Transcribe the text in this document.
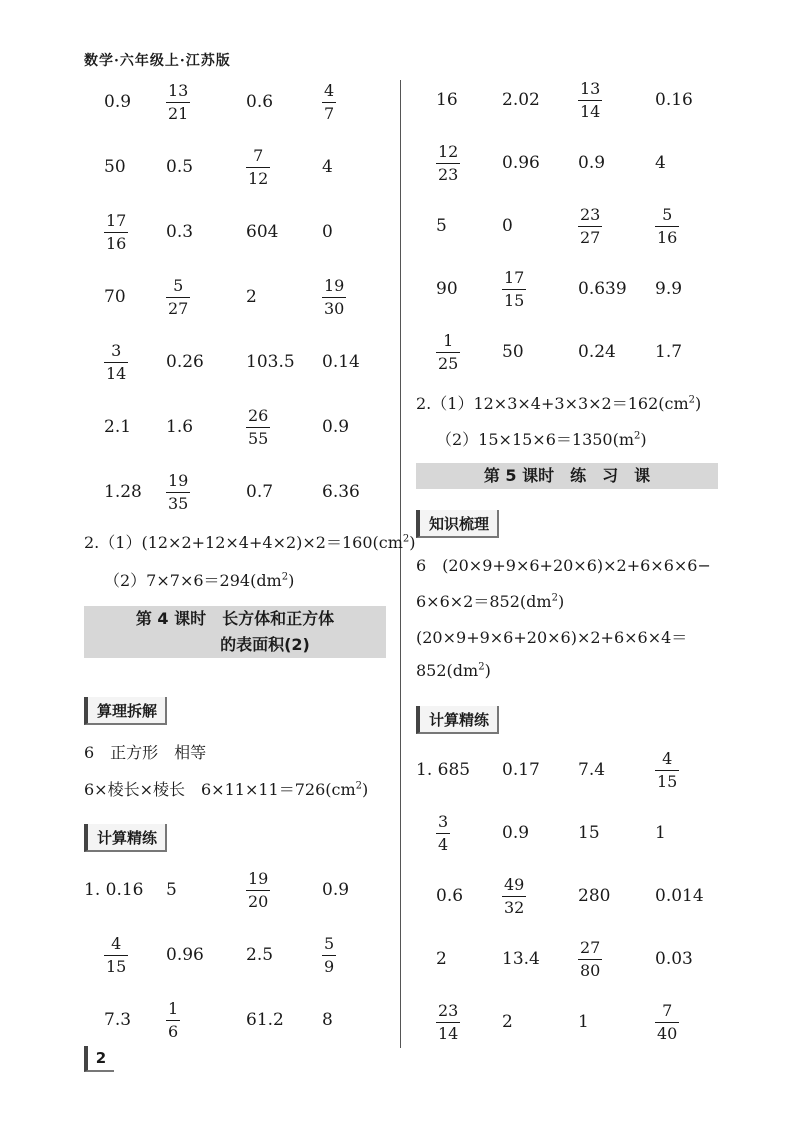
数学·六年级上·江苏版
$2.(1)(12\times 2+12\times 4+4\times 2)\times 2=160(cm^2)$
$(2)7\times 7\times 6=294(dm^2)$
第 4 课时　长方体和正方体
的表面积(2)
算理拆解
6　正方形　相等
6×棱长×棱长　$6\times 11\times 11=726(cm^2)$
计算精练
$2.(1)12\times 3\times 4+3\times 3\times 2=162(cm^2)$
$(2)15\times 15\times 6=1350(m^2)$
第 5 课时　练　习　课
知识梳理
6　(20×9+9×6+20×6)×2+6×6×6−
$6\times 6\times 2=852(dm^2)$
(20×9+9×6+20×6)×2+6×6×4＝
$852(dm^2)$
计算精练
2
$0.9 \frac{13}{21}$	0.6	$\frac{4}{7}$
50 0.5	$\frac{7}{12}$	4
$\frac{17}{16} 0.3$	604	0
70	$\frac{5}{27}$	2	$\frac{19}{30}$
$\frac{3}{14} 0.26$ 103.5 0.14
2.1 1.6	$\frac{26}{55}$	0.9
$1.28 \frac{19}{35}$	0.7	6.36
1. 0.16 5	$\frac{19}{20}$	0.9
$\frac{4}{15} 0.96$ 2.5	$\frac{5}{9}$
$7.3 \frac{1}{6}$	61.2 8
16	$2.02 \frac{13}{14}$	0.16
$\frac{12}{23} 0.96$ 0.9	4
5	0	$\frac{23}{27}$	$\frac{5}{16}$
90	$\frac{17}{15}$	0.639 9.9
$\frac{1}{25} 50$	0.24 1.7
1. 685 0.17 7.4	$\frac{4}{15}$
$\frac{3}{4}$	0.9	15	1
$0.6 \frac{49}{32}$	280	0.014
2	$13.4 \frac{27}{80}$	0.03
$\frac{23}{14} 2$	1	$\frac{7}{40}$
